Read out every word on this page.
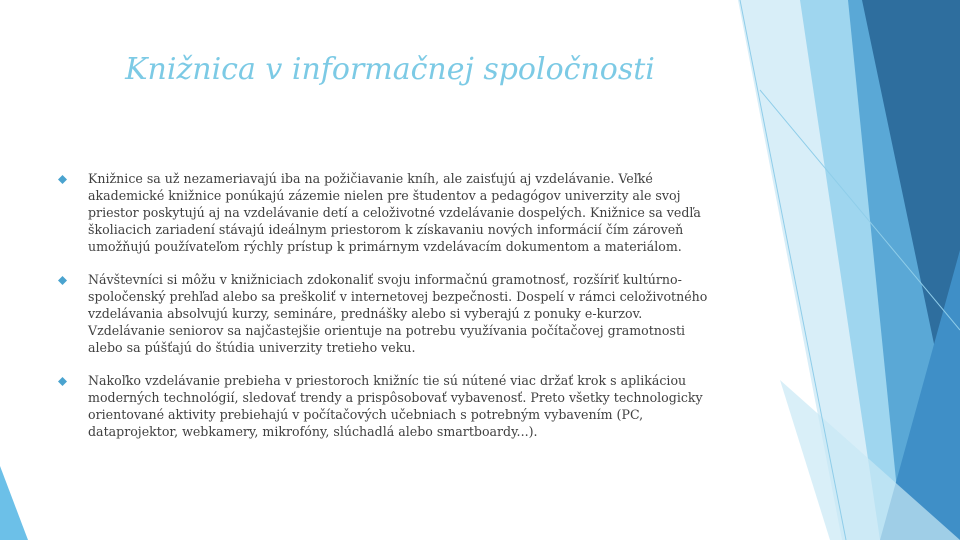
Knižnica v informačnej spoločnosti
Knižnice sa už nezameriavajú iba na požičiavanie kníh, ale zaisťujú aj vzdelávanie. Veľké akademické knižnice ponúkajú zázemie nielen pre študentov a pedagógov univerzity ale svoj priestor poskytujú aj na vzdelávanie detí a celoživotné vzdelávanie dospelých. Knižnice sa vedľa školiacich zariadení stávajú ideálnym priestorom k získavaniu nových informácií čím zároveň umožňujú používateľom rýchly prístup k primárnym vzdelávacím dokumentom a materiálom.
Návštevníci si môžu v knižniciach zdokonaliť svoju informačnú gramotnosť, rozšíriť kultúrno-spoločenský prehľad alebo sa preškoliť v internetovej bezpečnosti. Dospelí v rámci celoživotného vzdelávania absolvujú kurzy, semináre, prednášky alebo si vyberajú z ponuky e-kurzov. Vzdelávanie seniorov sa najčastejšie orientuje na potrebu využívania počítačovej gramotnosti alebo sa púšťajú do štúdia univerzity tretieho veku.
Nakoľko vzdelávanie prebieha v priestoroch knižníc tie sú nútené viac držať krok s aplikáciou moderných technológií, sledovať trendy a prispôsobovať vybavenosť. Preto všetky technologicky orientované aktivity prebiehajú v počítačových učebniach s potrebným vybavením (PC, dataprojektor, webkamery, mikrofóny, slúchadlá alebo smartboardy...).
